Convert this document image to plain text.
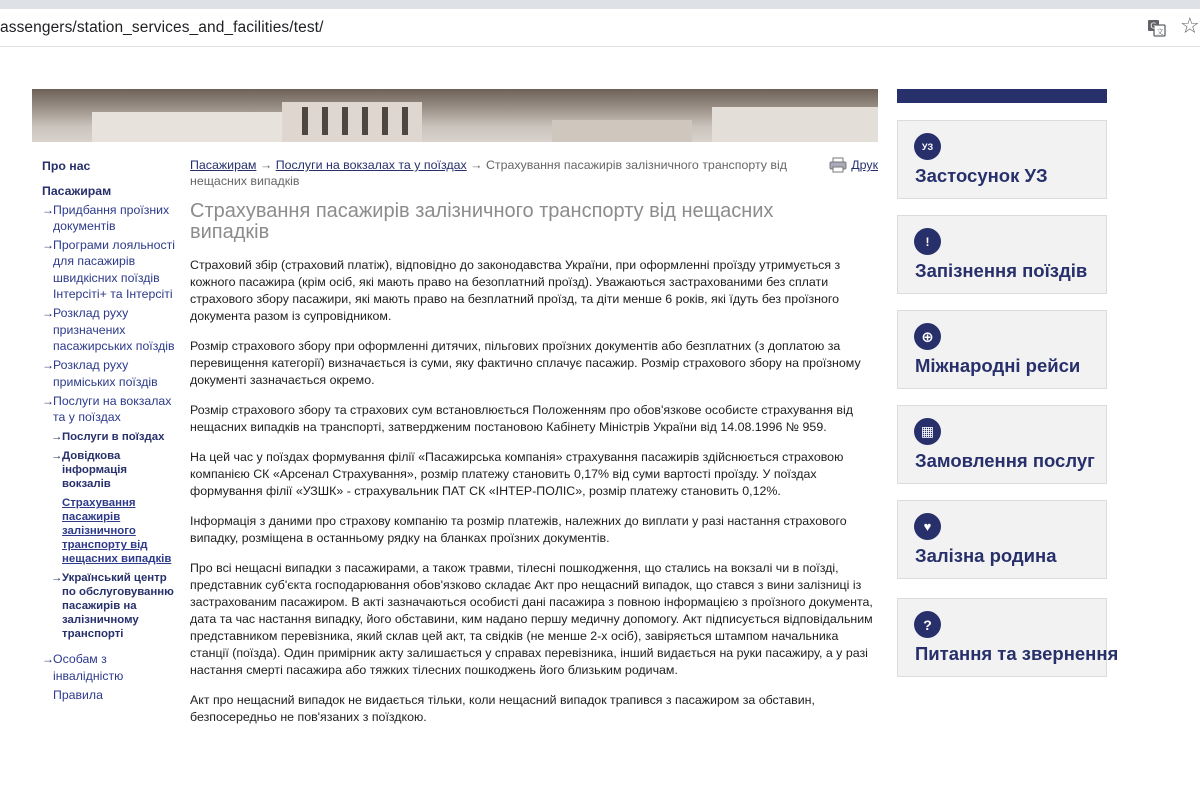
assengers/station_services_and_facilities/test/	G
文 ☆
Про нас
Пасажирам
→ Придбання проїзних документів
→ Програми лояльності для пасажирів швидкісних поїздів Інтерсіті+ та Інтерсіті
→ Розклад руху призначених пасажирських поїздів
→ Розклад руху приміських поїздів
→ Послуги на вокзалах та у поїздах
→ Послуги в поїздах
→ Довідкова інформація вокзалів
Страхування пасажирів залізничного транспорту від нещасних випадків
→ Український центр по обслуговуванню пасажирів на залізничному транспорті
→ Особам з інвалідністю
Правила
Пасажирам → Послуги на вокзалах та у поїздах → Страхування пасажирів залізничного транспорту від нещасних випадків
Друк
Страхування пасажирів залізничного транспорту від нещасних випадків

Страховий збір (страховий платіж), відповідно до законодавства України, при оформленні проїзду утримується з кожного пасажира (крім осіб, які мають право на безоплатний проїзд). Уважаються застрахованими без сплати страхового збору пасажири, які мають право на безплатний проїзд, та діти менше 6 років, які їдуть без проїзного документа разом із супровідником.

Розмір страхового збору при оформленні дитячих, пільгових проїзних документів або безплатних (з доплатою за перевищення категорії) визначається із суми, яку фактично сплачує пасажир. Розмір страхового збору на проїзному документі зазначається окремо.

Розмір страхового збору та страхових сум встановлюється Положенням про обов'язкове особисте страхування від нещасних випадків на транспорті, затвердженим постановою Кабінету Міністрів України від 14.08.1996 № 959.

На цей час у поїздах формування філії «Пасажирська компанія» страхування пасажирів здійснюється страховою компанією СК «Арсенал Страхування», розмір платежу становить 0,17% від суми вартості проїзду. У поїздах формування філії «УЗШК» - страхувальник ПАТ СК «ІНТЕР-ПОЛІС», розмір платежу становить 0,12%.

Інформація з даними про страхову компанію та розмір платежів, належних до виплати у разі настання страхового випадку, розміщена в останньому рядку на бланках проїзних документів.

Про всі нещасні випадки з пасажирами, а також травми, тілесні пошкодження, що стались на вокзалі чи в поїзді, представник суб'єкта господарювання обов'язково складає Акт про нещасний випадок, що стався з вини залізниці із застрахованим пасажиром. В акті зазначаються особисті дані пасажира з повною інформацією з проїзного документа, дата та час настання випадку, його обставини, ким надано першу медичну допомогу. Акт підписується відповідальним представником перевізника, який склав цей акт, та свідків (не менше 2-х осіб), завіряється штампом начальника станції (поїзда). Один примірник акту залишається у справах перевізника, інший видається на руки пасажиру, а у разі настання смерті пасажира або тяжких тілесних пошкоджень його близьким родичам.

Акт про нещасний випадок не видається тільки, коли нещасний випадок трапився з пасажиром за обставин, безпосередньо не пов'язаних з поїздкою.

УЗ
Застосунок УЗ
!
Запізнення поїздів
⊕
Міжнародні рейси
▦
Замовлення послуг
♥
Залізна родина
?
Питання та звернення
